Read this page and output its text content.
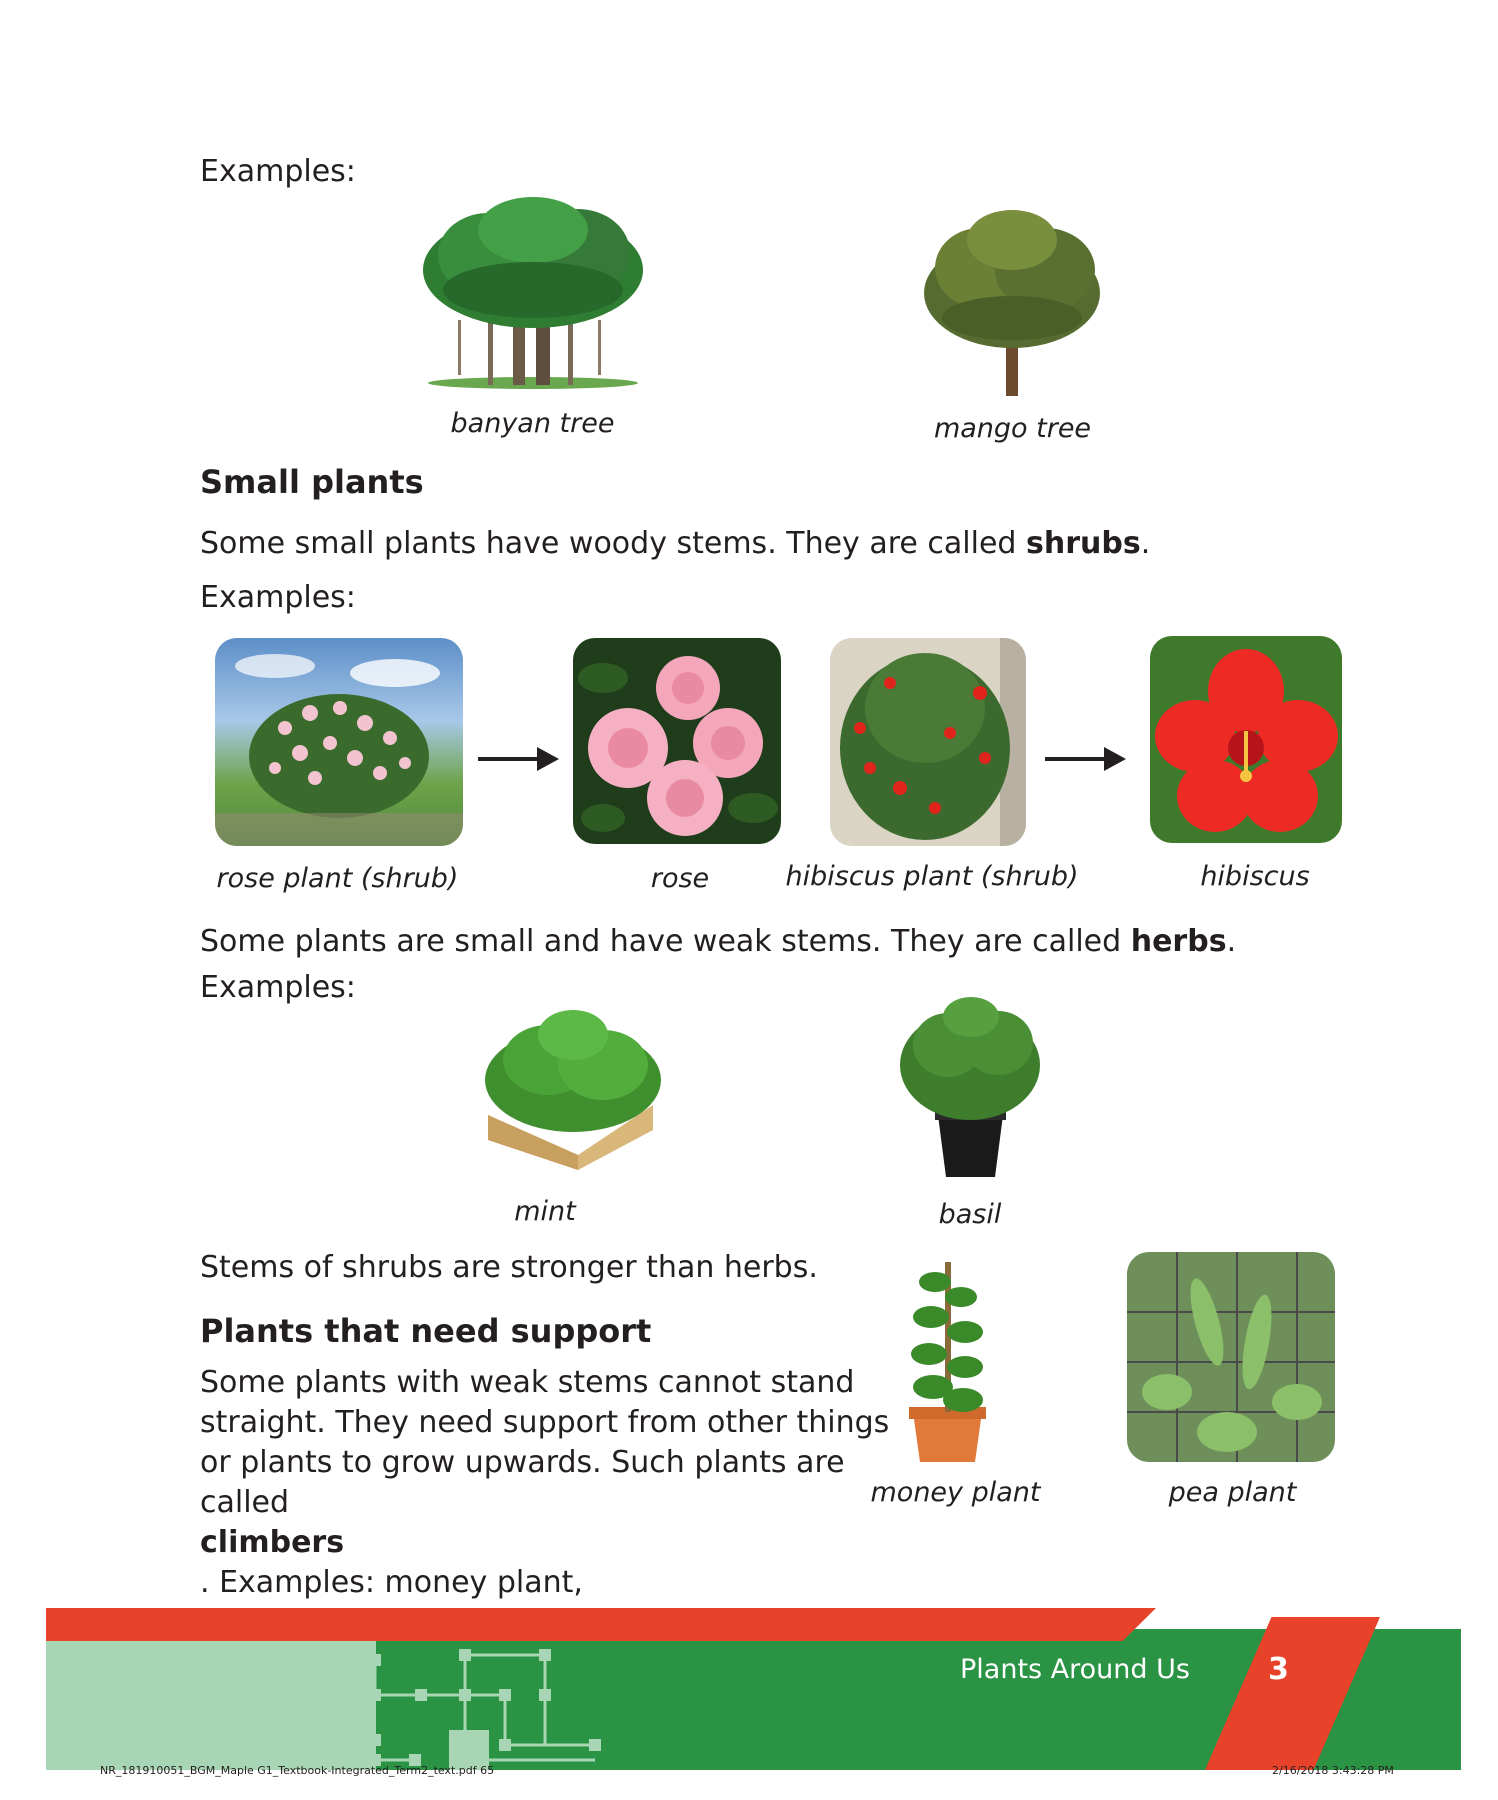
Examples:
banyan tree	mango tree
Small plants
Some small plants have woody stems. They are called shrubs.
Examples:
rose plant (shrub)	rose	hibiscus plant (shrub)	hibiscus
Some plants are small and have weak stems. They are called herbs.
Examples:
mint	basil
Stems of shrubs are stronger than herbs.
Plants that need support
Some plants with weak stems cannot stand
straight. They need support from other things
or plants to grow upwards. Such plants are
called
climbers
. Examples: money plant,
money plant	pea plant
Plants Around Us	3
NR_181910051_BGM_Maple G1_Textbook-Integrated_Term2_text.pdf 65	2/16/2018 3:43:28 PM
